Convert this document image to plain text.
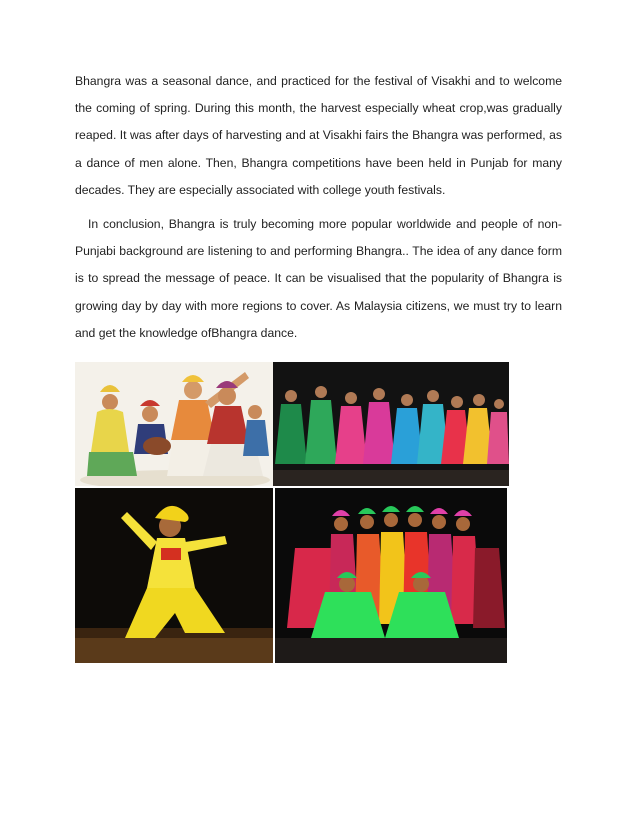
Bhangra was a seasonal dance, and practiced for the festival of Visakhi and to welcome the coming of spring. During this month, the harvest especially wheat crop,was gradually reaped. It was after days of harvesting and at Visakhi fairs the Bhangra was performed, as a dance of men alone. Then, Bhangra competitions have been held in Punjab for many decades. They are especially associated with college youth festivals.

In conclusion, Bhangra is truly becoming more popular worldwide and people of non-Punjabi background are listening to and performing Bhangra.. The idea of any dance form is to spread the message of peace. It can be visualised that the popularity of Bhangra is growing day by day with more regions to cover. As Malaysia citizens, we must try to learn and get the knowledge ofBhangra dance.
